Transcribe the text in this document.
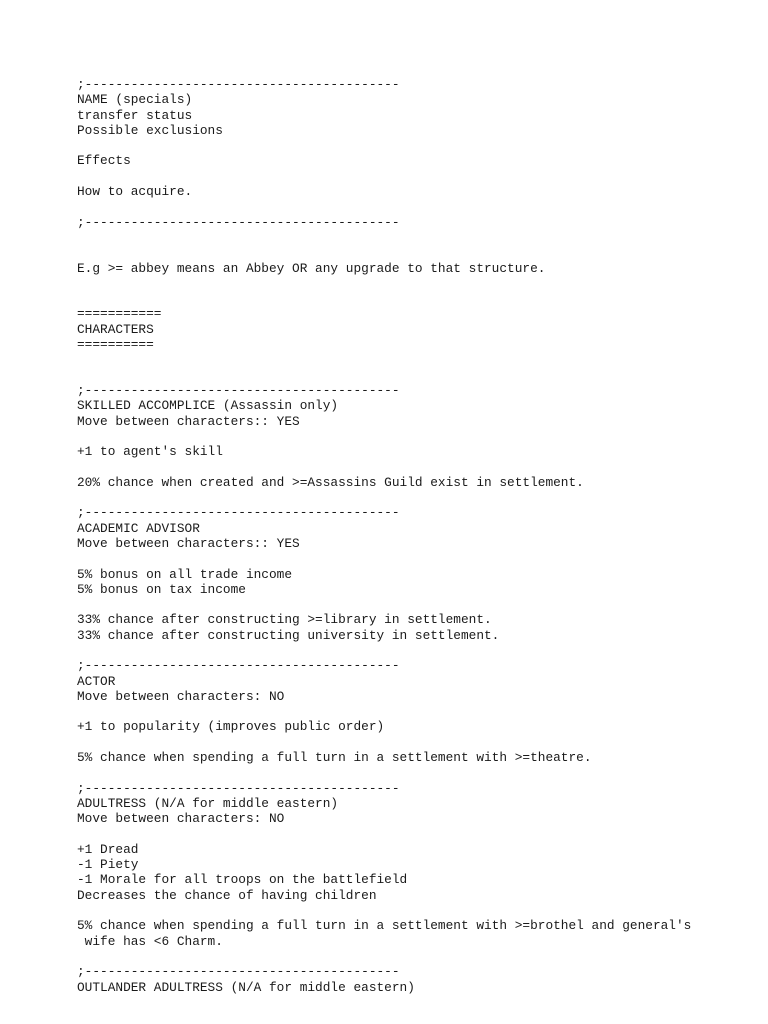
;-----------------------------------------
NAME (specials)
transfer status
Possible exclusions
Effects
How to acquire.
;-----------------------------------------
E.g >= abbey means an Abbey OR any upgrade to that structure.
===========
CHARACTERS
==========
;-----------------------------------------
SKILLED ACCOMPLICE (Assassin only)
Move between characters:: YES
+1 to agent's skill
20% chance when created and >=Assassins Guild exist in settlement.
;-----------------------------------------
ACADEMIC ADVISOR
Move between characters:: YES
5% bonus on all trade income
5% bonus on tax income
33% chance after constructing >=library in settlement.
33% chance after constructing university in settlement.
;-----------------------------------------
ACTOR
Move between characters: NO
+1 to popularity (improves public order)
5% chance when spending a full turn in a settlement with >=theatre.
;-----------------------------------------
ADULTRESS (N/A for middle eastern)
Move between characters: NO
+1 Dread
-1 Piety
-1 Morale for all troops on the battlefield
Decreases the chance of having children
5% chance when spending a full turn in a settlement with >=brothel and general's
wife has <6 Charm.
;-----------------------------------------
OUTLANDER ADULTRESS (N/A for middle eastern)
